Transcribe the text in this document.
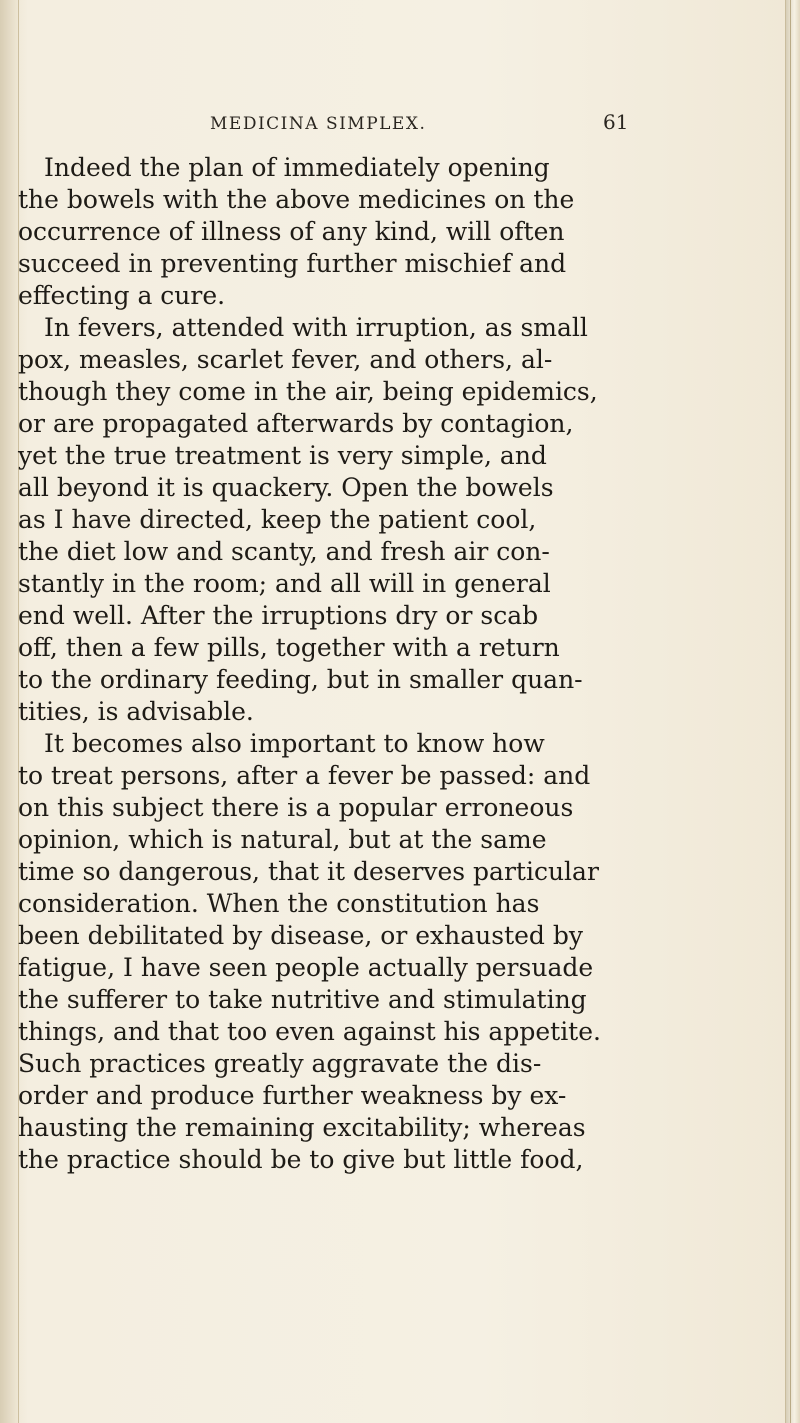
MEDICINA SIMPLEX.	61
Indeed the plan of immediately opening
the bowels with the above medicines on the
occurrence of illness of any kind, will often
succeed in preventing further mischief and
effecting a cure.
In fevers, attended with irruption, as small
pox, measles, scarlet fever, and others, al-
though they come in the air, being epidemics,
or are propagated afterwards by contagion,
yet the true treatment is very simple, and
all beyond it is quackery. Open the bowels
as I have directed, keep the patient cool,
the diet low and scanty, and fresh air con-
stantly in the room; and all will in general
end well. After the irruptions dry or scab
off, then a few pills, together with a return
to the ordinary feeding, but in smaller quan-
tities, is advisable.
It becomes also important to know how
to treat persons, after a fever be passed: and
on this subject there is a popular erroneous
opinion, which is natural, but at the same
time so dangerous, that it deserves particular
consideration. When the constitution has
been debilitated by disease, or exhausted by
fatigue, I have seen people actually persuade
the sufferer to take nutritive and stimulating
things, and that too even against his appetite.
Such practices greatly aggravate the dis-
order and produce further weakness by ex-
hausting the remaining excitability; whereas
the practice should be to give but little food,
